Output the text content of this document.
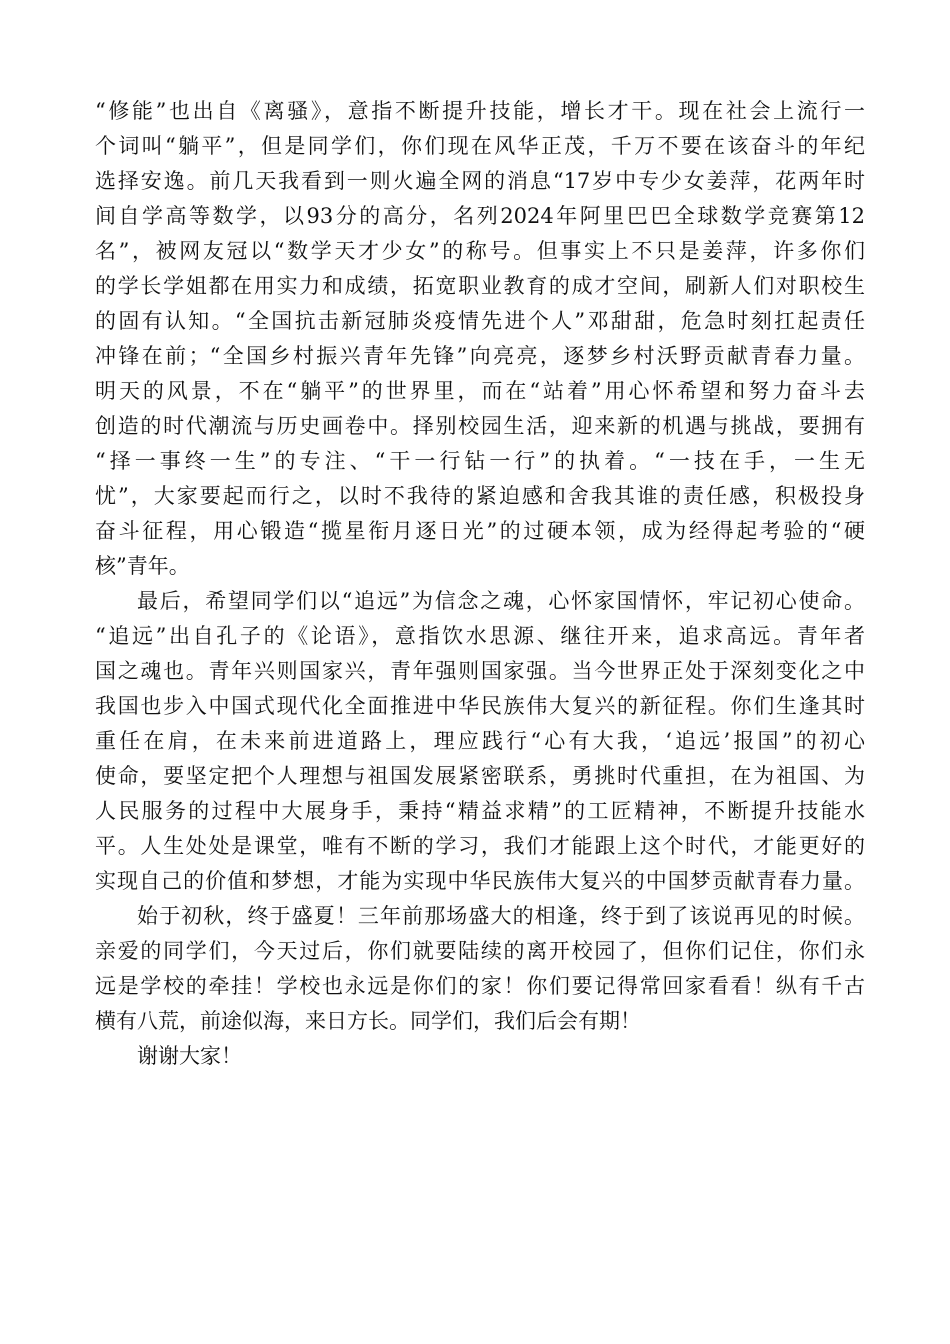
“修能”也出自《离骚》，意指不断提升技能，增长才干。现在社会上流行一
个词叫“躺平”，但是同学们，你们现在风华正茂，千万不要在该奋斗的年纪
选择安逸。前几天我看到一则火遍全网的消息“17岁中专少女姜萍，花两年时
间自学高等数学，以93分的高分，名列2024年阿里巴巴全球数学竞赛第12
名”，被网友冠以“数学天才少女”的称号。但事实上不只是姜萍，许多你们
的学长学姐都在用实力和成绩，拓宽职业教育的成才空间，刷新人们对职校生
的固有认知。“全国抗击新冠肺炎疫情先进个人”邓甜甜，危急时刻扛起责任
冲锋在前；“全国乡村振兴青年先锋”向亮亮，逐梦乡村沃野贡献青春力量。
明天的风景，不在“躺平”的世界里，而在“站着”用心怀希望和努力奋斗去
创造的时代潮流与历史画卷中。择别校园生活，迎来新的机遇与挑战，要拥有
“择一事终一生”的专注、“干一行钻一行”的执着。“一技在手，一生无
忧”，大家要起而行之，以时不我待的紧迫感和舍我其谁的责任感，积极投身
奋斗征程，用心锻造“揽星衔月逐日光”的过硬本领，成为经得起考验的“硬
核”青年。
最后，希望同学们以“追远”为信念之魂，心怀家国情怀，牢记初心使命。
“追远”出自孔子的《论语》，意指饮水思源、继往开来，追求高远。青年者
国之魂也。青年兴则国家兴，青年强则国家强。当今世界正处于深刻变化之中
我国也步入中国式现代化全面推进中华民族伟大复兴的新征程。你们生逢其时
重任在肩，在未来前进道路上，理应践行“心有大我，‘追远’报国”的初心
使命，要坚定把个人理想与祖国发展紧密联系，勇挑时代重担，在为祖国、为
人民服务的过程中大展身手，秉持“精益求精”的工匠精神，不断提升技能水
平。人生处处是课堂，唯有不断的学习，我们才能跟上这个时代，才能更好的
实现自己的价值和梦想，才能为实现中华民族伟大复兴的中国梦贡献青春力量。
始于初秋，终于盛夏！三年前那场盛大的相逢，终于到了该说再见的时候。
亲爱的同学们，今天过后，你们就要陆续的离开校园了，但你们记住，你们永
远是学校的牵挂！学校也永远是你们的家！你们要记得常回家看看！纵有千古
横有八荒，前途似海，来日方长。同学们，我们后会有期！
谢谢大家！
